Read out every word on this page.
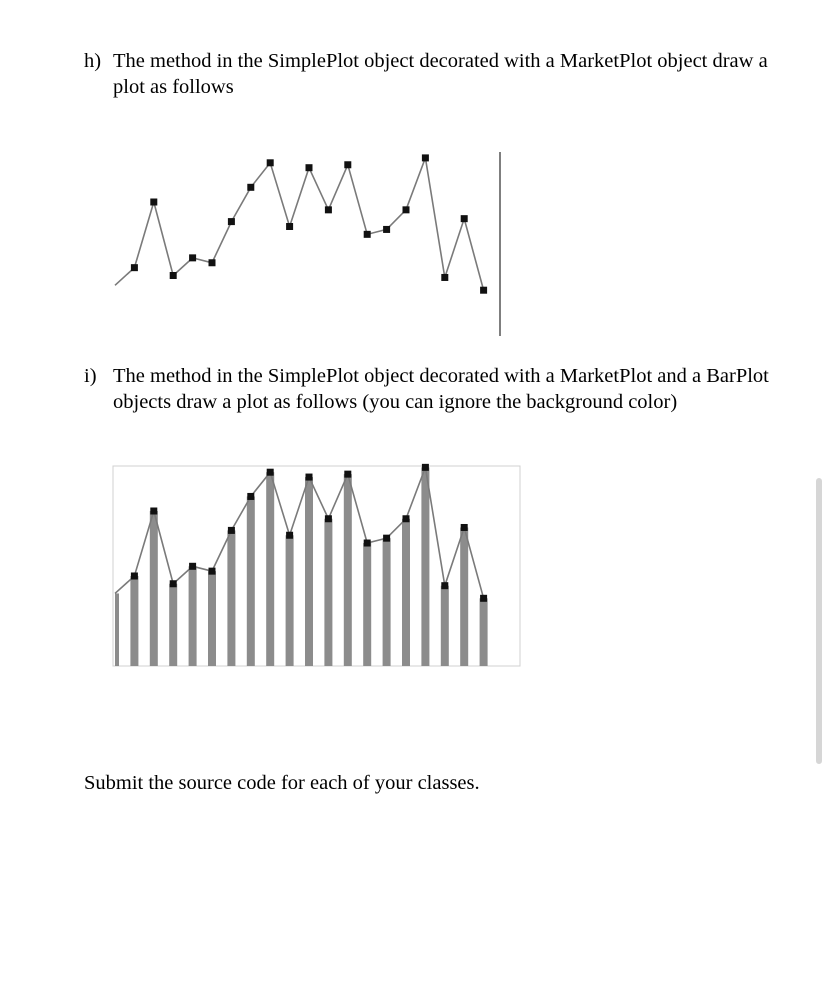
h) The method in the SimplePlot object decorated with a MarketPlot object draw a plot as follows
i) The method in the SimplePlot object decorated with a MarketPlot and a BarPlot objects draw a plot as follows (you can ignore the background color)
Submit the source code for each of your classes.
